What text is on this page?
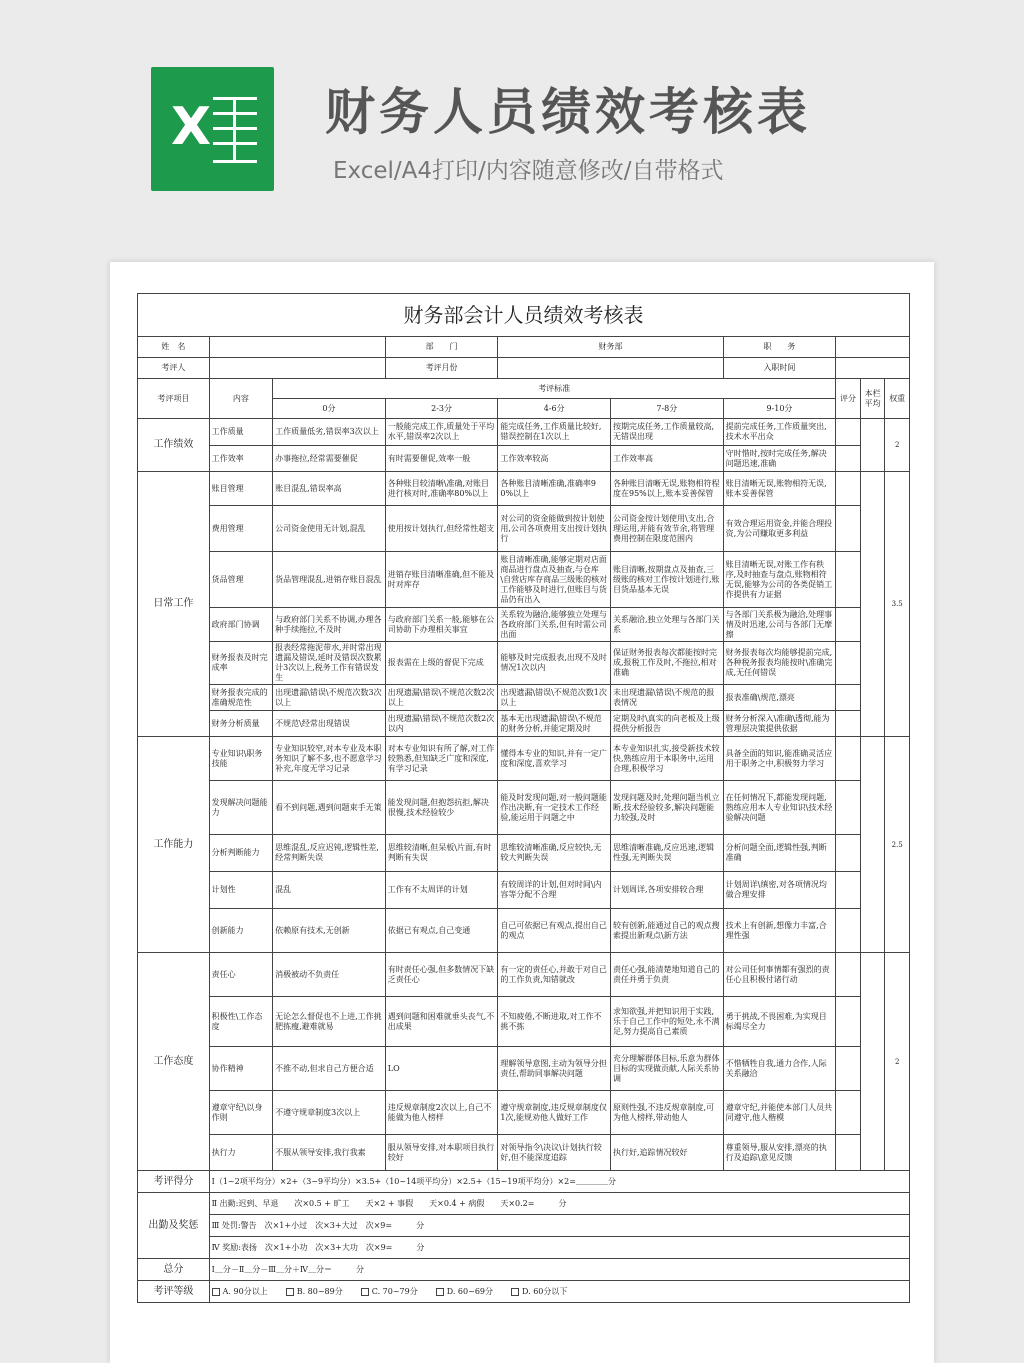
X 财务人员绩效考核表
Excel/A4打印/内容随意修改/自带格式
财务部会计人员绩效考核表									
姓　名			部　　门	财务部		职　　务			
考评人			考评月份			入职时间			
考评项目	内容	考评标准					评分	本栏平均	权重
		0分	2-3分	4-6分	7-8分	9-10分			
工作绩效	工作质量	工作质量低劣,错误率3次以上	一般能完成工作,质量处于平均水平,错误率2次以上	能完成任务,工作质量比较好,错误控制在1次以上	按期完成任务,工作质量较高,无错误出现	提前完成任务,工作质量突出,技术水平出众			2
	工作效率	办事拖拉,经常需要催促	有时需要催促,效率一般	工作效率较高	工作效率高	守时惜时,按时完成任务,解决问题迅速,准确			
日常工作	账目管理	账目混乱,错误率高	各种账目较清晰\准确,对账目进行核对时,准确率80%以上	各种账目清晰准确,准确率90%以上	各种账目清晰无误,账物相符程度在95%以上,账本妥善保管	账目清晰无误,账物相符无误,账本妥善保管			3.5
	费用管理	公司资金使用无计划,混乱	使用按计划执行,但经常性超支	对公司的资金能做到按计划使用,公司各项费用支出按计划执行	公司资金按计划使用\支出,合理运用,并能有效节余,将管理费用控制在限度范围内	有效合理运用资金,并能合理投资,为公司赚取更多利益			
	货品管理	货品管理混乱,进销存账目混乱	进销存账目清晰准确,但不能及时对库存	账目清晰准确,能够定期对店面商品进行盘点及抽查,与仓库\自营店库存商品三级账的核对工作能够及时进行,但账目与货品仍有出入	账目清晰,按期盘点及抽查,三级账的核对工作按计划进行,账目货品基本无误	账目清晰无误,对账工作有秩序,及时抽查与盘点,账物相符无误,能够为公司的各类促销工作提供有力证据			
	政府部门协调	与政府部门关系不协调,办理各种手续拖拉,不及时	与政府部门关系一般,能够在公司协助下办理相关事宜	关系较为融洽,能够独立处理与各政府部门关系,但有时需公司出面	关系融洽,独立处理与各部门关系	与各部门关系极为融洽,处理事情及时迅速,公司与各部门无摩擦			
	财务报表及时完成率	报表经常拖泥带水,并时常出现遗漏及错误,延时及错误次数累计3次以上,税务工作有错误发生	报表需在上级的督促下完成	能够及时完成报表,出现不及时情况1次以内	保证财务报表每次都能按时完成,报税工作及时,不拖拉,相对准确	财务报表每次均能够提前完成,各种税务报表均能按时\准确完成,无任何错误			
	财务报表完成的准确规范性	出现遗漏\错误\不规范次数3次以上	出现遗漏\错误\不规范次数2次以上	出现遗漏\错误\不规范次数1次以上	未出现遗漏\错误\不规范的报表情况	报表准确\规范,漂亮			
	财务分析质量	不规范\经常出现错误	出现遗漏\错误\不规范次数2次以内	基本无出现遗漏\错误\不规范的财务分析,并能定期及时	定期及时\真实的向老板及上级提供分析报告	财务分析深入\准确\透彻,能为管理层决策提供依据			
工作能力	专业知识\职务技能	专业知识较窄,对本专业及本职务知识了解不多,也不愿意学习补充,年度无学习记录	对本专业知识有所了解,对工作较熟悉,但知缺乏广度和深度,有学习记录	懂得本专业的知识,并有一定广度和深度,喜欢学习	本专业知识扎实,接受新技术较快,熟练应用于本职务中,运用合理,积极学习	具备全面的知识,能准确灵活应用于职务之中,积极努力学习			2.5
	发现解决问题能力	看不到问题,遇到问题束手无策	能发现问题,但抱怨抗拒,解决很慢,技术经验较少	能及时发现问题,对一般问题能作出决断,有一定技术工作经验,能运用于问题之中	发现问题及时,处理问题当机立断,技术经验较多,解决问题能力较强,及时	在任何情况下,都能发现问题,熟练应用本人专业知识\技术经验解决问题			
	分析判断能力	思维混乱,反应迟钝,逻辑性差,经常判断失误	思维较清晰,但呆板\片面,有时判断有失误	思维较清晰准确,反应较快,无较大判断失误	思维清晰准确,反应迅速,逻辑性强,无判断失误	分析问题全面,逻辑性强,判断准确			
	计划性	混乱	工作有不太周详的计划	有较周详的计划,但对时间\内容等分配不合理	计划周详,各项安排较合理	计划周详\缜密,对各项情况均做合理安排			
	创新能力	依赖原有技术,无创新	依据已有观点,自己变通	自己可依据已有观点,提出自己的观点	较有创新,能通过自己的观点搜索提出新观点\新方法	技术上有创新,想像力丰富,合理性强			
工作态度	责任心	消极被动不负责任	有时责任心强,但多数情况下缺乏责任心	有一定的责任心,并敢于对自己的工作负责,知错就改	责任心强,能清楚地知道自己的责任并勇于负责	对公司任何事情都有强烈的责任心且积极付诸行动			2
	积极性\工作态度	无论怎么督促也不上进,工作挑肥拣瘦,避难就易	遇到问题和困难就垂头丧气,不出成果	不知疲倦,不断进取,对工作不挑不拣	求知欲强,并把知识用于实践,乐于自己工作中的短处,永不满足,努力提高自己素质	勇于挑战,不畏困难,为实现目标竭尽全力			
	协作精神	不推不动,但求自己方便合适	LO	理解领导意图,主动为领导分担责任,帮助同事解决问题	充分理解群体目标,乐意为群体目标的实现做贡献,人际关系协调	不惜牺牲自我,通力合作,人际关系融洽			
	遵章守纪\以身作则	不遵守规章制度3次以上	违反规章制度2次以上,自己不能做为他人榜样	遵守规章制度,违反规章制度仅1次,能规劝他人做好工作	原则性强,不违反规章制度,可为他人榜样,带动他人	遵章守纪,并能使本部门人员共同遵守,他人楷模			
	执行力	不服从领导安排,我行我素	服从领导安排,对本职项目执行较好	对领导指令\决议\计划执行较好,但不能深度追踪	执行好,追踪情况较好	尊重领导,服从安排,漂亮的执行及追踪\意见反馈			
考评得分	Ⅰ（1~2项平均分）×2+（3~9平均分）×3.5+（10~14项平均分）×2.5+（15~19项平均分）×2=＿＿＿＿分								
出勤及奖惩	Ⅱ 出勤:迟到、早退　　次×0.5 + 旷工　　天×2 + 事假　　天×0.4 + 病假　　天×0.2=　　　分								
	Ⅲ 处罚:警告　次×1+小过　次×3+大过　次×9=　　　分								
	Ⅳ 奖励:表扬　次×1+小功　次×3+大功　次×9=　　　分								
总分	Ⅰ＿分－Ⅱ＿分－Ⅲ＿分＋Ⅳ＿分＝　　　分								
考评等级	A. 90分以上 B. 80~89分 C. 70~79分 D. 60~69分 D. 60分以下								
